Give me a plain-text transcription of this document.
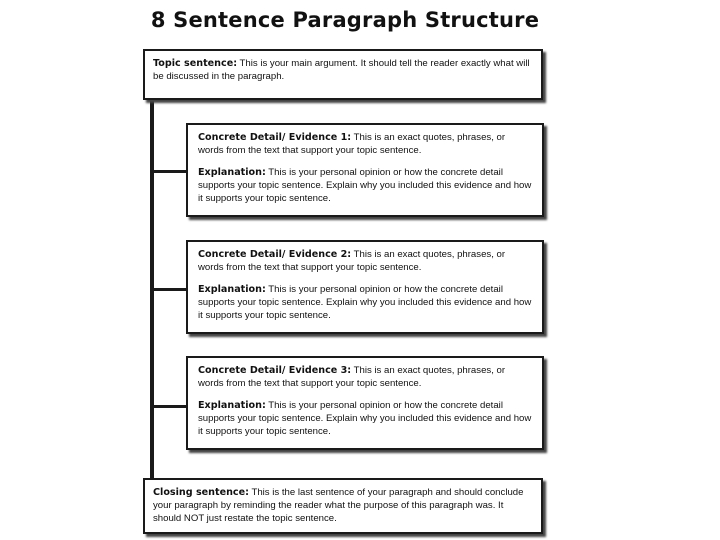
8 Sentence Paragraph Structure

Topic sentence: This is your main argument. It should tell the reader exactly what will be discussed in the paragraph.

Concrete Detail/ Evidence 1: This is an exact quotes, phrases, or words from the text that support your topic sentence.

Explanation: This is your personal opinion or how the concrete detail supports your topic sentence. Explain why you included this evidence and how it supports your topic sentence.

Concrete Detail/ Evidence 2: This is an exact quotes, phrases, or words from the text that support your topic sentence.

Explanation: This is your personal opinion or how the concrete detail supports your topic sentence. Explain why you included this evidence and how it supports your topic sentence.

Concrete Detail/ Evidence 3: This is an exact quotes, phrases, or words from the text that support your topic sentence.

Explanation: This is your personal opinion or how the concrete detail supports your topic sentence. Explain why you included this evidence and how it supports your topic sentence.

Closing sentence: This is the last sentence of your paragraph and should conclude your paragraph by reminding the reader what the purpose of this paragraph was. It should NOT just restate the topic sentence.
